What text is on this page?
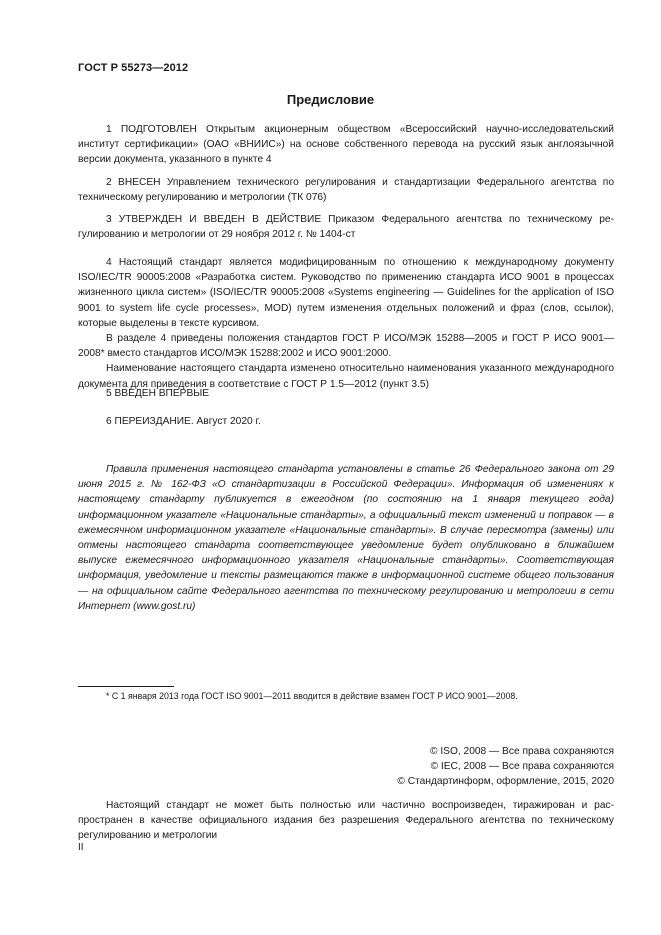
ГОСТ Р 55273—2012
Предисловие

1 ПОДГОТОВЛЕН Открытым акционерным обществом «Всероссийский научно-исследовательский институт сертификации» (ОАО «ВНИИС») на основе собственного перевода на русский язык англоязычной версии документа, указанного в пункте 4

2 ВНЕСЕН Управлением технического регулирования и стандартизации Федерального агентства по техническому регулированию и метрологии (ТК 076)

3 УТВЕРЖДЕН И ВВЕДЕН В ДЕЙСТВИЕ Приказом Федерального агентства по техническому регулированию и метрологии от 29 ноября 2012 г. № 1404-ст

4 Настоящий стандарт является модифицированным по отношению к международному документу ISO/IEC/TR 90005:2008 «Разработка систем. Руководство по применению стандарта ИСО 9001 в процессах жизненного цикла систем» (ISO/IEC/TR 90005:2008 «Systems engineering — Guidelines for the application of ISO 9001 to system life cycle processes», MOD) путем изменения отдельных положений и фраз (слов, ссылок), которые выделены в тексте курсивом.

В разделе 4 приведены положения стандартов ГОСТ Р ИСО/МЭК 15288—2005 и ГОСТ Р ИСО 9001—2008* вместо стандартов ИСО/МЭК 15288:2002 и ИСО 9001:2000.

Наименование настоящего стандарта изменено относительно наименования указанного международного документа для приведения в соответствие с ГОСТ Р 1.5—2012 (пункт 3.5)

5 ВВЕДЕН ВПЕРВЫЕ

6 ПЕРЕИЗДАНИЕ. Август 2020 г.

Правила применения настоящего стандарта установлены в статье 26 Федерального закона от 29 июня 2015 г. № 162-ФЗ «О стандартизации в Российской Федерации». Информация об изменениях к настоящему стандарту публикуется в ежегодном (по состоянию на 1 января текущего года) информационном указателе «Национальные стандарты», а официальный текст изменений и поправок — в ежемесячном информационном указателе «Национальные стандарты». В случае пересмотра (замены) или отмены настоящего стандарта соответствующее уведомление будет опубликовано в ближайшем выпуске ежемесячного информационного указателя «Национальные стандарты». Соответствующая информация, уведомление и тексты размещаются также в информационной системе общего пользования — на официальном сайте Федерального агентства по техническому регулированию и метрологии в сети Интернет (www.gost.ru)

* С 1 января 2013 года ГОСТ ISO 9001—2011 вводится в действие взамен ГОСТ Р ИСО 9001—2008.
© ISO, 2008 — Все права сохраняются
© IEC, 2008 — Все права сохраняются
© Стандартинформ, оформление, 2015, 2020

Настоящий стандарт не может быть полностью или частично воспроизведен, тиражирован и распространен в качестве официального издания без разрешения Федерального агентства по техническому регулированию и метрологии

II
